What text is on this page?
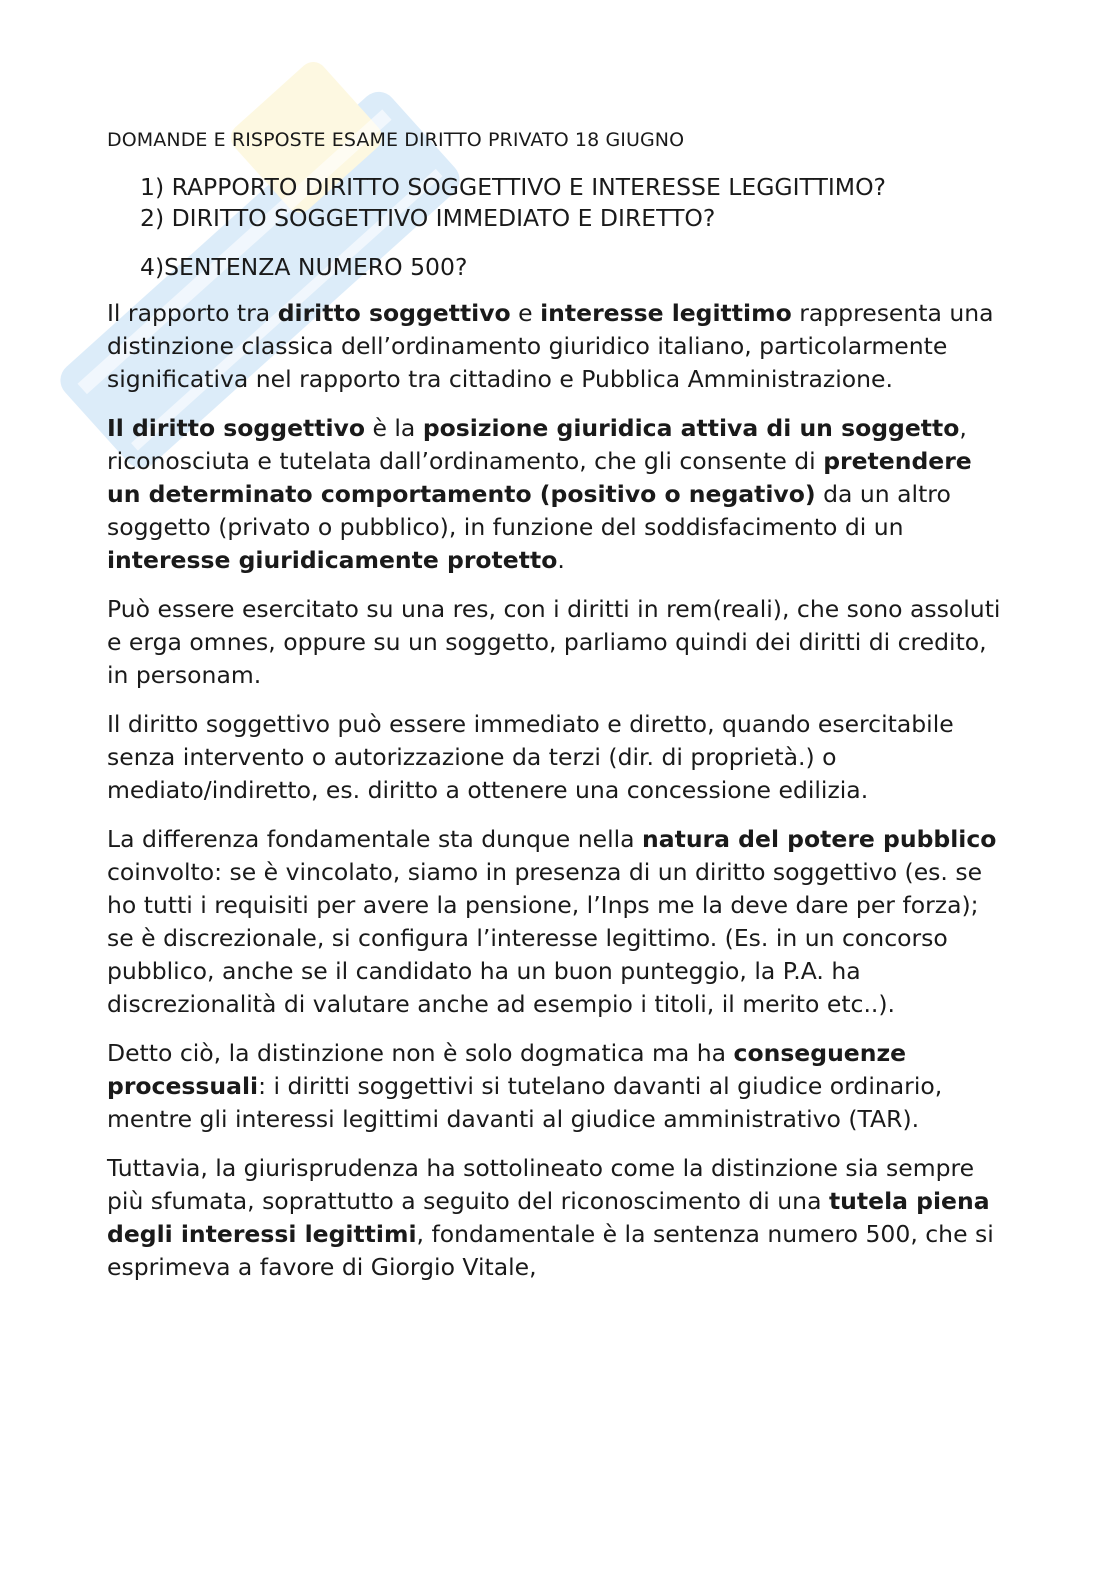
DOMANDE E RISPOSTE ESAME DIRITTO PRIVATO 18 GIUGNO

1) RAPPORTO DIRITTO SOGGETTIVO E INTERESSE LEGGITTIMO?
2) DIRITTO SOGGETTIVO IMMEDIATO E DIRETTO?
4)SENTENZA NUMERO 500?

Il rapporto tra diritto soggettivo e interesse legittimo rappresenta una distinzione classica dell’ordinamento giuridico italiano, particolarmente significativa nel rapporto tra cittadino e Pubblica Amministrazione.

Il diritto soggettivo è la posizione giuridica attiva di un soggetto, riconosciuta e tutelata dall’ordinamento, che gli consente di pretendere un determinato comportamento (positivo o negativo) da un altro soggetto (privato o pubblico), in funzione del soddisfacimento di un interesse giuridicamente protetto.

Può essere esercitato su una res, con i diritti in rem(reali), che sono assoluti e erga omnes, oppure su un soggetto, parliamo quindi dei diritti di credito, in personam.

Il diritto soggettivo può essere immediato e diretto, quando esercitabile senza intervento o autorizzazione da terzi (dir. di proprietà.) o mediato/indiretto, es. diritto a ottenere una concessione edilizia.

La differenza fondamentale sta dunque nella natura del potere pubblico coinvolto: se è vincolato, siamo in presenza di un diritto soggettivo (es. se ho tutti i requisiti per avere la pensione, l’Inps me la deve dare per forza); se è discrezionale, si configura l’interesse legittimo. (Es. in un concorso pubblico, anche se il candidato ha un buon punteggio, la P.A. ha discrezionalità di valutare anche ad esempio i titoli, il merito etc..).

Detto ciò, la distinzione non è solo dogmatica ma ha conseguenze processuali: i diritti soggettivi si tutelano davanti al giudice ordinario, mentre gli interessi legittimi davanti al giudice amministrativo (TAR).

Tuttavia, la giurisprudenza ha sottolineato come la distinzione sia sempre più sfumata, soprattutto a seguito del riconoscimento di una tutela piena degli interessi legittimi, fondamentale è la sentenza numero 500, che si esprimeva a favore di Giorgio Vitale,
